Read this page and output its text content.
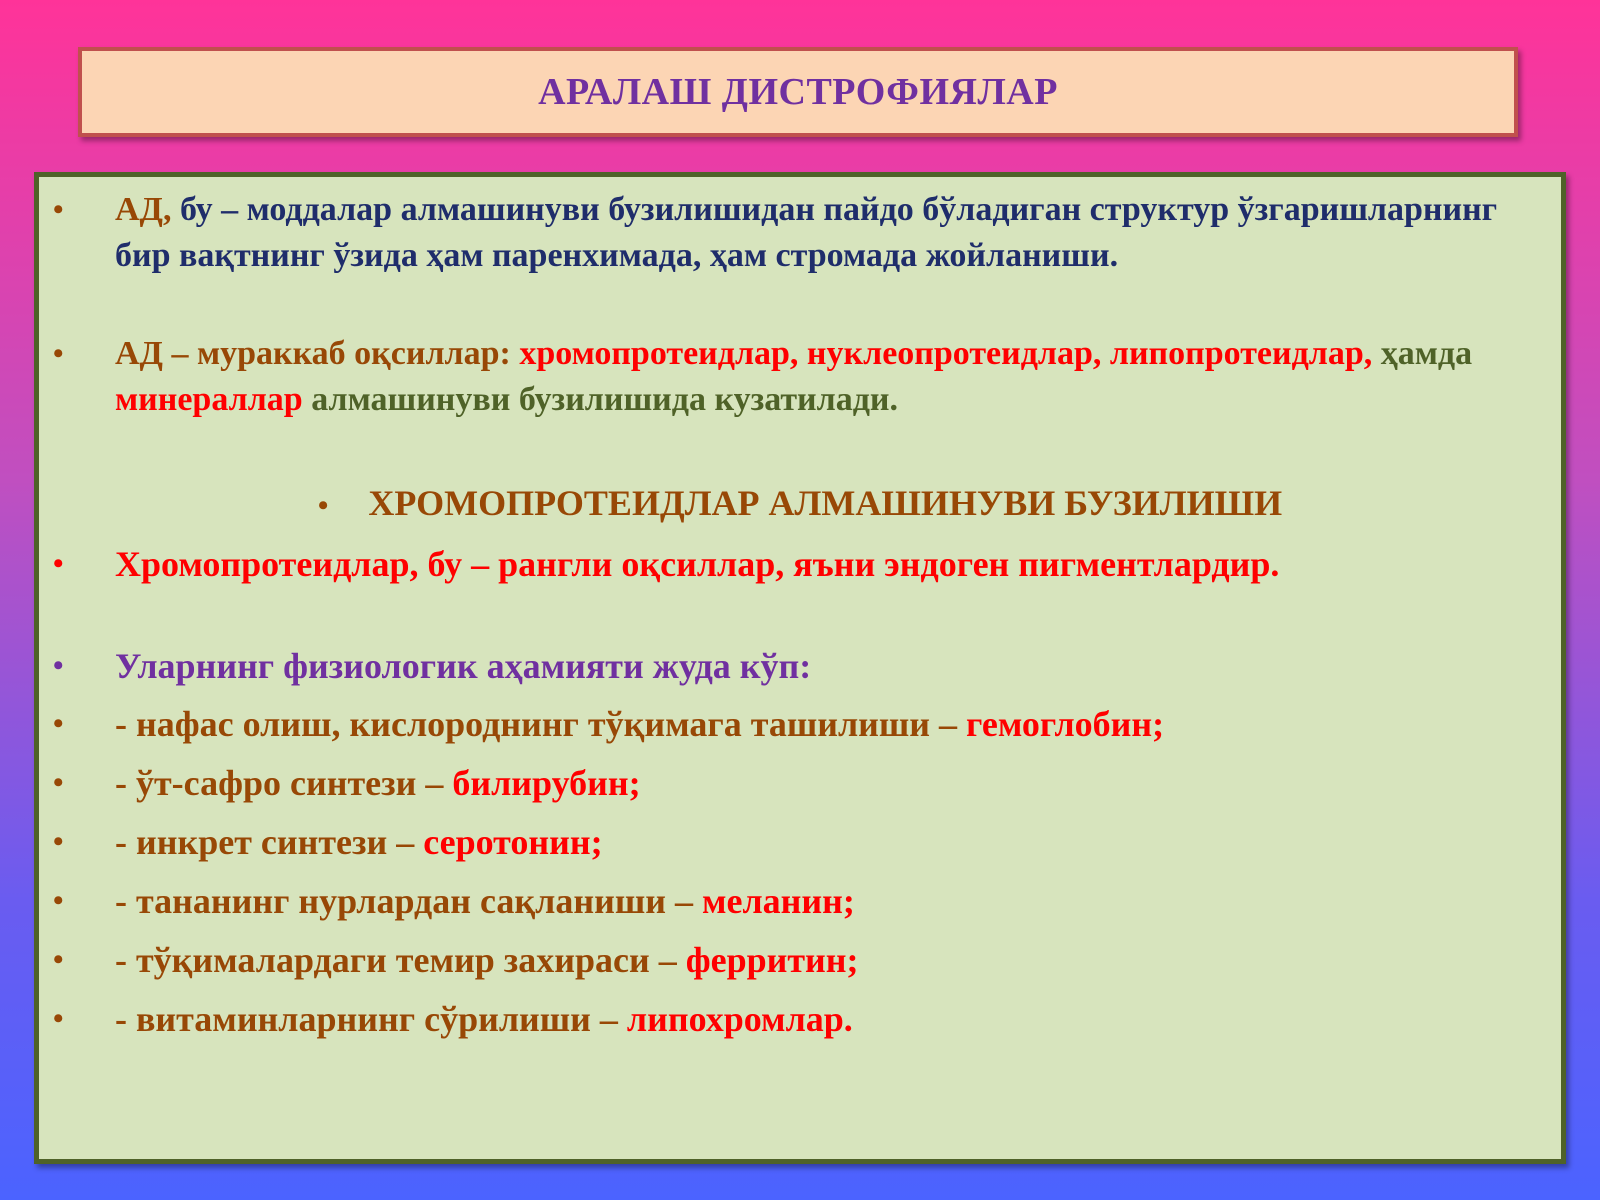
АРАЛАШ ДИСТРОФИЯЛАР
• АД, бу – моддалар алмашинуви бузилишидан пайдо бўладиган структур ўзгаришларнинг бир вақтнинг ўзида ҳам паренхимада, ҳам стромада жойланиши.
• АД – мураккаб оқсиллар: хромопротеидлар, нуклеопротеидлар, липопротеидлар, ҳамда минераллар алмашинуви бузилишида кузатилади.
• ХРОМОПРОТЕИДЛАР АЛМАШИНУВИ БУЗИЛИШИ
• Хромопротеидлар, бу – рангли оқсиллар, яъни эндоген пигментлардир.
• Уларнинг физиологик аҳамияти жуда кўп:
• - нафас олиш, кислороднинг тўқимага ташилиши – гемоглобин;
• - ўт-сафро синтези – билирубин;
• - инкрет синтези – серотонин;
• - тананинг нурлардан сақланиши – меланин;
• - тўқималардаги темир захираси – ферритин;
• - витаминларнинг сўрилиши – липохромлар.
